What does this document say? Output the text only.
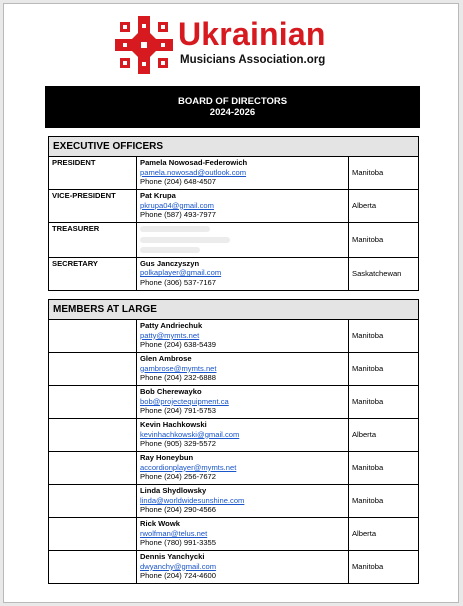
Ukrainian
Musicians Association.org
BOARD OF DIRECTORS
2024-2026
EXECUTIVE OFFICERS		
PRESIDENT	Pamela Nowosad-Federowich
pamela.nowosad@outlook.com
Phone (204) 648-4507	Manitoba
VICE-PRESIDENT	Pat Krupa
pkrupa04@gmail.com
Phone (587) 493-7977	Alberta
TREASURER		Manitoba
SECRETARY	Gus Janczyszyn
polkaplayer@gmail.com
Phone (306) 537-7167	Saskatchewan
MEMBERS AT LARGE		

	Patty Andriechuk
patty@mymts.net
Phone (204) 638-5439	Manitoba

	Glen Ambrose
gambrose@mymts.net
Phone (204) 232-6888	Manitoba

	Bob Cherewayko
bob@projectequipment.ca
Phone (204) 791-5753	Manitoba

	Kevin Hachkowski
kevinhachkowski@gmail.com
Phone (905) 329-5572	Alberta

	Ray Honeybun
accordionplayer@mymts.net
Phone (204) 256-7672	Manitoba

	Linda Shydlowsky
linda@worldwidesunshine.com
Phone (204) 290-4566	Manitoba

	Rick Wowk
rwolfman@telus.net
Phone (780) 991-3355	Alberta

	Dennis Yanchycki
dwyanchy@gmail.com
Phone (204) 724-4600	Manitoba
